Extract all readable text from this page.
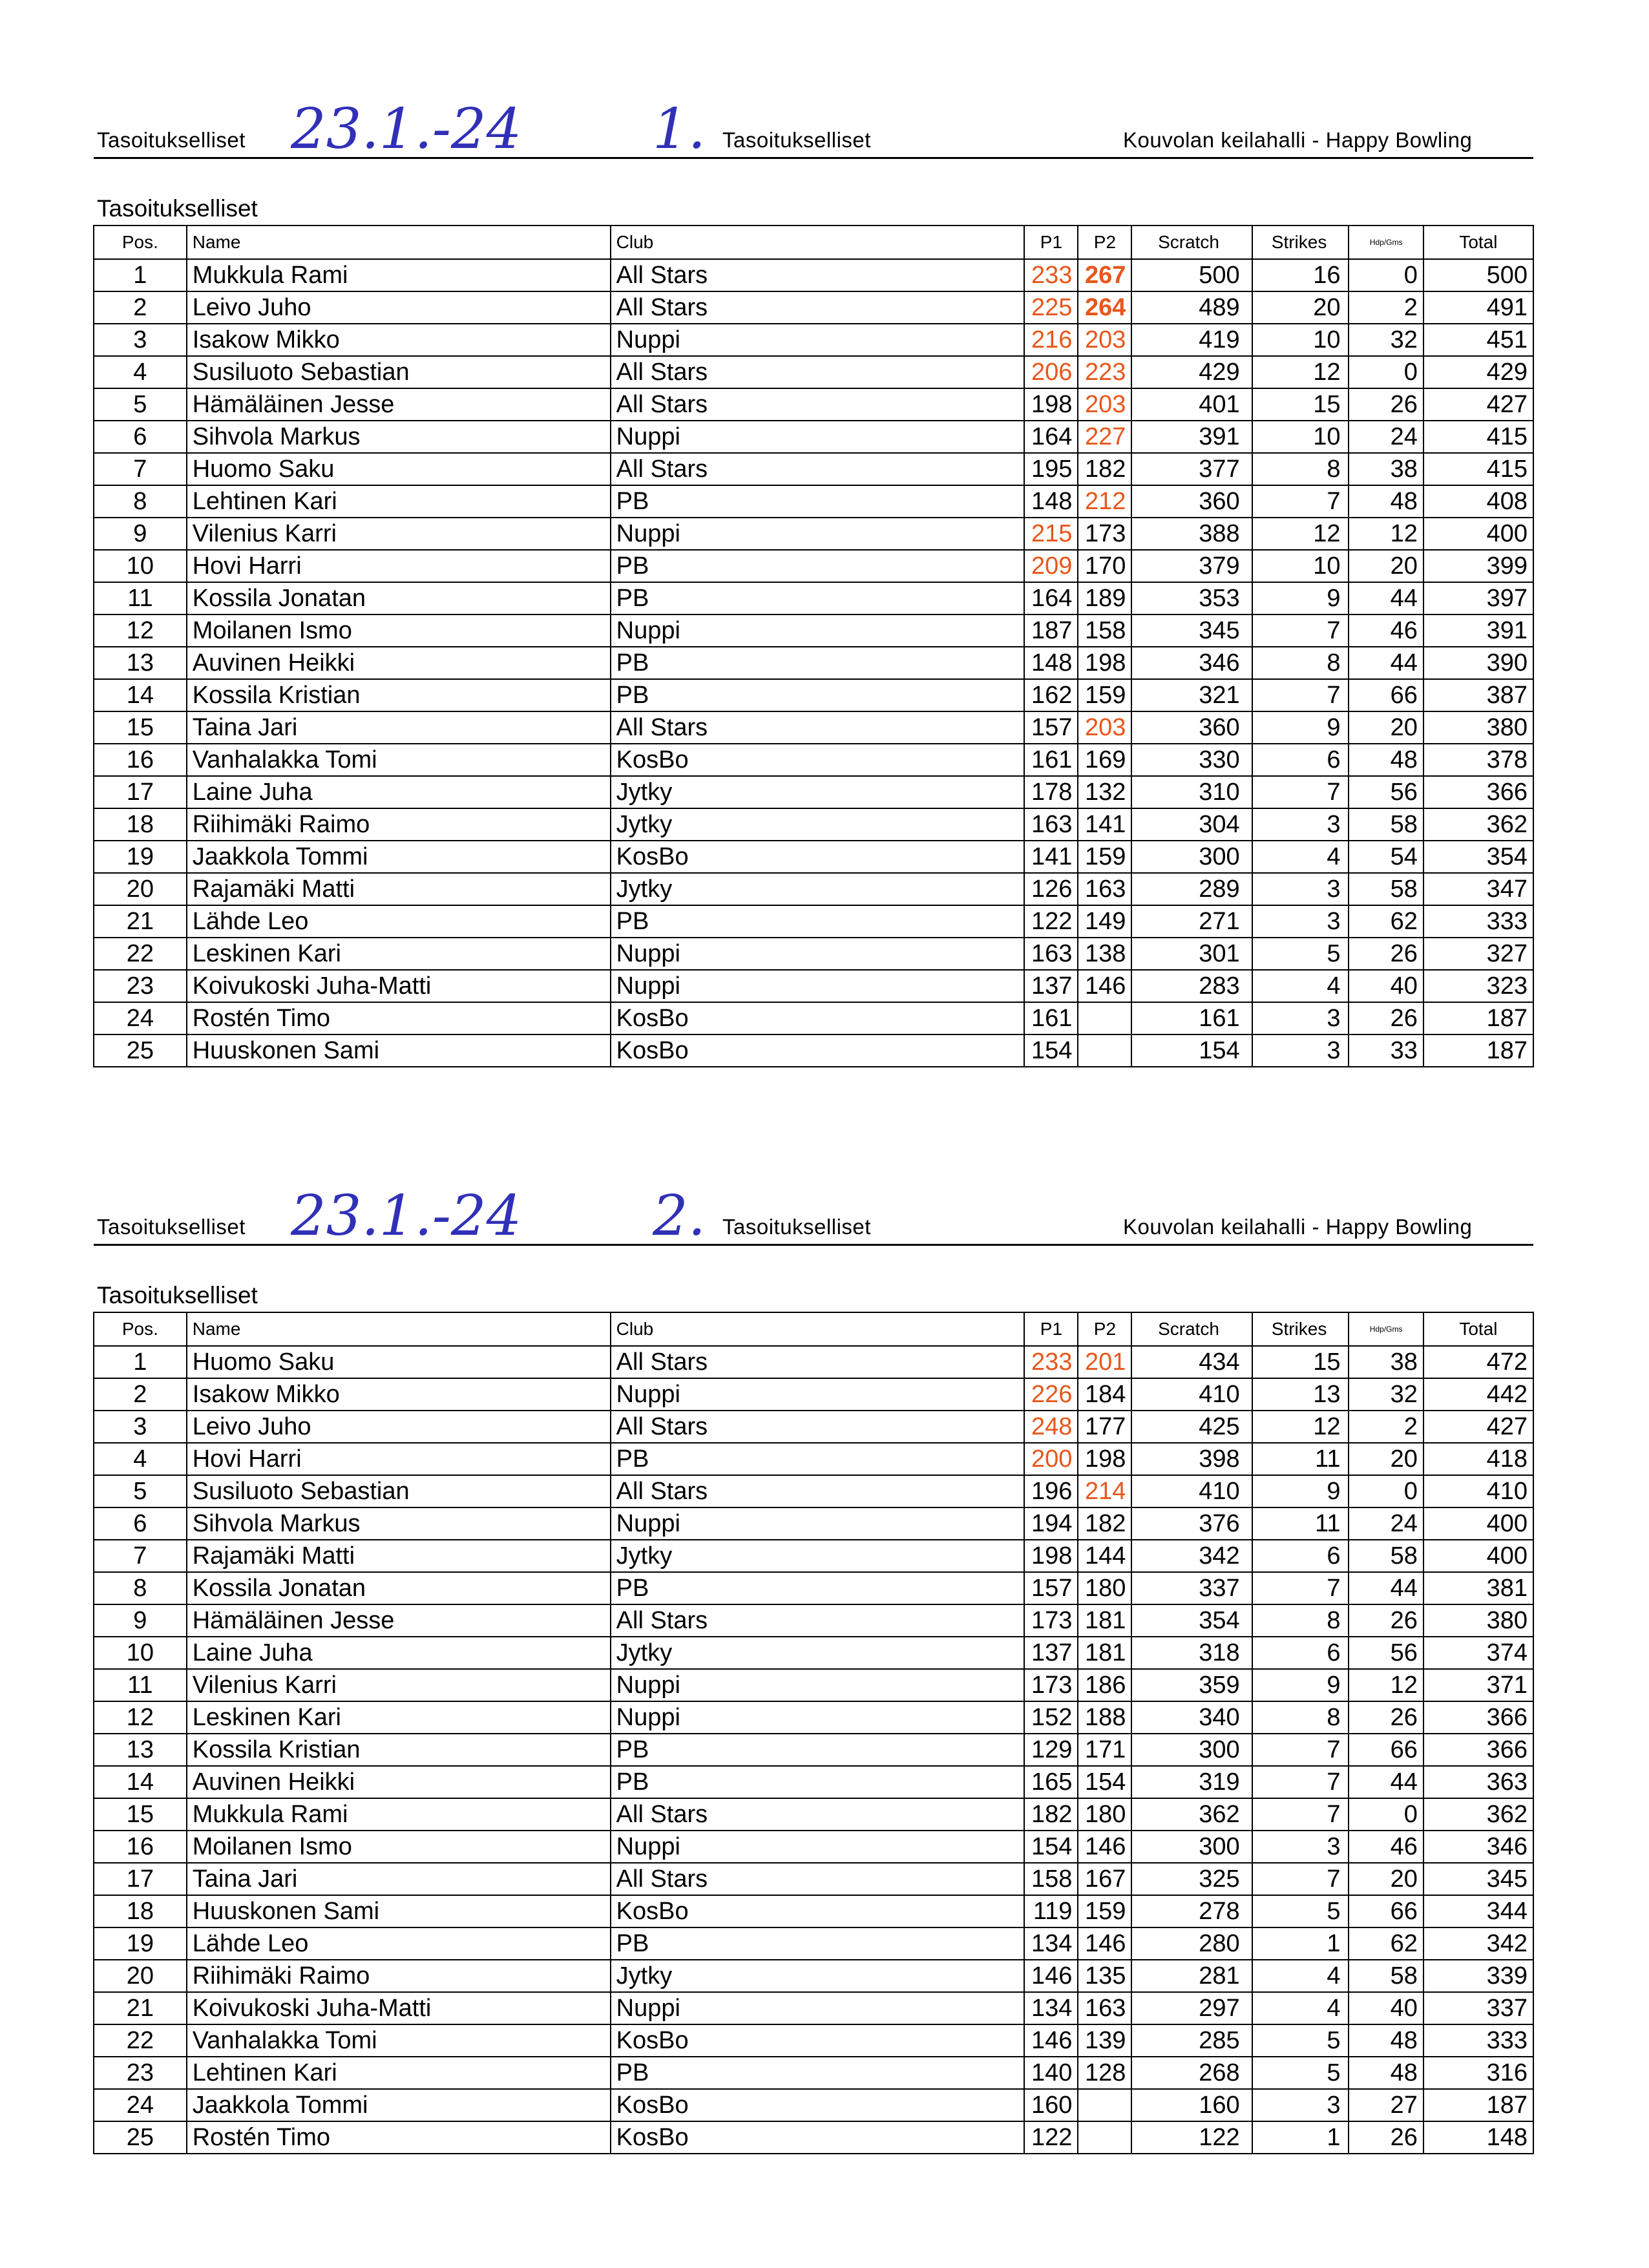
Tasoitukselliset 23.1.-24 1. Tasoitukselliset	Kouvolan keilahalli - Happy Bowling
Tasoitukselliset
Pos.	Name	Club	P1	P2	Scratch	Strikes	Hdp/Gms	Total
1	Mukkula Rami	All Stars	233	267	500	16	0	500
2	Leivo Juho	All Stars	225	264	489	20	2	491
3	Isakow Mikko	Nuppi	216	203	419	10	32	451
4	Susiluoto Sebastian	All Stars	206	223	429	12	0	429
5	Hämäläinen Jesse	All Stars	198	203	401	15	26	427
6	Sihvola Markus	Nuppi	164	227	391	10	24	415
7	Huomo Saku	All Stars	195	182	377	8	38	415
8	Lehtinen Kari	PB	148	212	360	7	48	408
9	Vilenius Karri	Nuppi	215	173	388	12	12	400
10	Hovi Harri	PB	209	170	379	10	20	399
11	Kossila Jonatan	PB	164	189	353	9	44	397
12	Moilanen Ismo	Nuppi	187	158	345	7	46	391
13	Auvinen Heikki	PB	148	198	346	8	44	390
14	Kossila Kristian	PB	162	159	321	7	66	387
15	Taina Jari	All Stars	157	203	360	9	20	380
16	Vanhalakka Tomi	KosBo	161	169	330	6	48	378
17	Laine Juha	Jytky	178	132	310	7	56	366
18	Riihimäki Raimo	Jytky	163	141	304	3	58	362
19	Jaakkola Tommi	KosBo	141	159	300	4	54	354
20	Rajamäki Matti	Jytky	126	163	289	3	58	347
21	Lähde Leo	PB	122	149	271	3	62	333
22	Leskinen Kari	Nuppi	163	138	301	5	26	327
23	Koivukoski Juha-Matti	Nuppi	137	146	283	4	40	323
24	Rostén Timo	KosBo	161		161	3	26	187
25	Huuskonen Sami	KosBo	154		154	3	33	187
Tasoitukselliset 23.1.-24 2. Tasoitukselliset	Kouvolan keilahalli - Happy Bowling
Tasoitukselliset
Pos.	Name	Club	P1	P2	Scratch	Strikes	Hdp/Gms	Total
1	Huomo Saku	All Stars	233	201	434	15	38	472
2	Isakow Mikko	Nuppi	226	184	410	13	32	442
3	Leivo Juho	All Stars	248	177	425	12	2	427
4	Hovi Harri	PB	200	198	398	11	20	418
5	Susiluoto Sebastian	All Stars	196	214	410	9	0	410
6	Sihvola Markus	Nuppi	194	182	376	11	24	400
7	Rajamäki Matti	Jytky	198	144	342	6	58	400
8	Kossila Jonatan	PB	157	180	337	7	44	381
9	Hämäläinen Jesse	All Stars	173	181	354	8	26	380
10	Laine Juha	Jytky	137	181	318	6	56	374
11	Vilenius Karri	Nuppi	173	186	359	9	12	371
12	Leskinen Kari	Nuppi	152	188	340	8	26	366
13	Kossila Kristian	PB	129	171	300	7	66	366
14	Auvinen Heikki	PB	165	154	319	7	44	363
15	Mukkula Rami	All Stars	182	180	362	7	0	362
16	Moilanen Ismo	Nuppi	154	146	300	3	46	346
17	Taina Jari	All Stars	158	167	325	7	20	345
18	Huuskonen Sami	KosBo	119	159	278	5	66	344
19	Lähde Leo	PB	134	146	280	1	62	342
20	Riihimäki Raimo	Jytky	146	135	281	4	58	339
21	Koivukoski Juha-Matti	Nuppi	134	163	297	4	40	337
22	Vanhalakka Tomi	KosBo	146	139	285	5	48	333
23	Lehtinen Kari	PB	140	128	268	5	48	316
24	Jaakkola Tommi	KosBo	160		160	3	27	187
25	Rostén Timo	KosBo	122		122	1	26	148
